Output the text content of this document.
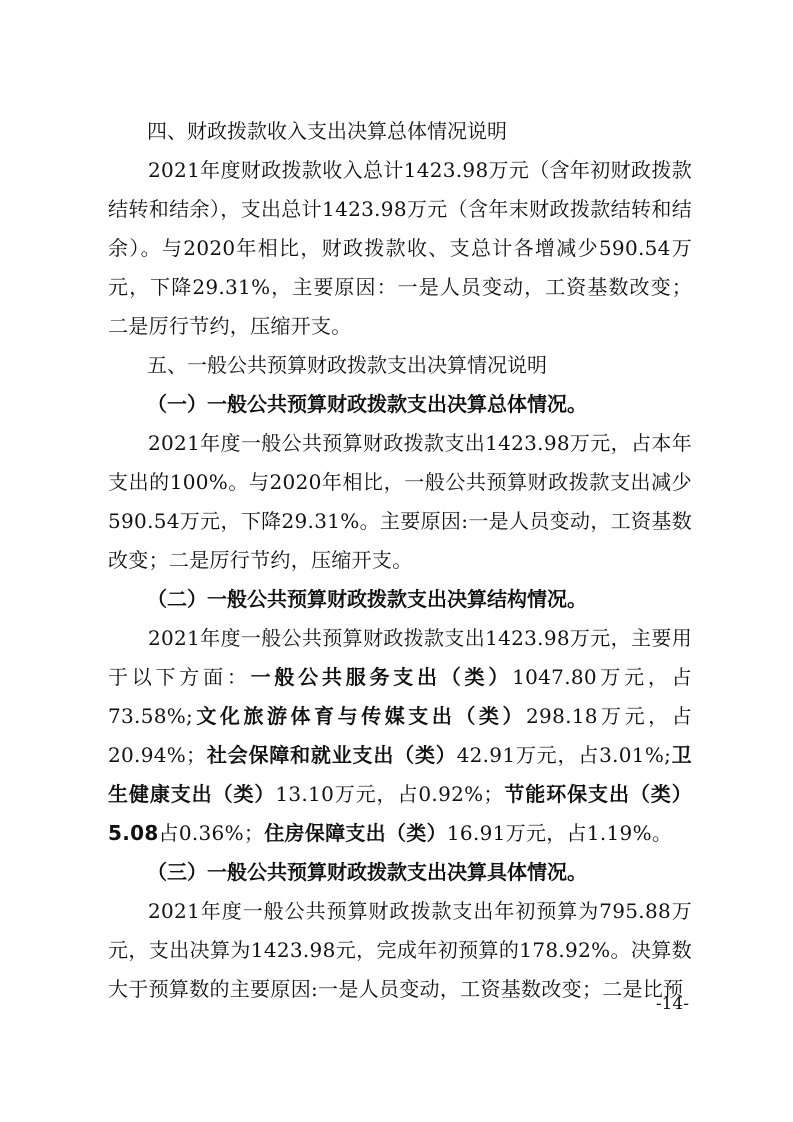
四、财政拨款收入支出决算总体情况说明

2021年度财政拨款收入总计1423.98万元（含年初财政拨款结转和结余），支出总计1423.98万元（含年末财政拨款结转和结余）。与2020年相比，财政拨款收、支总计各增减少590.54万元，下降29.31%，主要原因：一是人员变动，工资基数改变；二是厉行节约，压缩开支。

五、一般公共预算财政拨款支出决算情况说明
（一）一般公共预算财政拨款支出决算总体情况。

2021年度一般公共预算财政拨款支出1423.98万元，占本年支出的100%。与2020年相比，一般公共预算财政拨款支出减少590.54万元，下降29.31%。主要原因:一是人员变动，工资基数改变；二是厉行节约，压缩开支。

（二）一般公共预算财政拨款支出决算结构情况。

2021年度一般公共预算财政拨款支出1423.98万元，主要用于以下方面：一般公共服务支出（类）1047.80万元，占73.58%;文化旅游体育与传媒支出（类）298.18万元，占20.94%；社会保障和就业支出（类）42.91万元，占3.01%;卫生健康支出（类）13.10万元，占0.92%；节能环保支出（类）5.08占0.36%；住房保障支出（类）16.91万元，占1.19%。

（三）一般公共预算财政拨款支出决算具体情况。

2021年度一般公共预算财政拨款支出年初预算为795.88万元，支出决算为1423.98元，完成年初预算的178.92%。决算数大于预算数的主要原因:一是人员变动，工资基数改变；二是比预

-14-
